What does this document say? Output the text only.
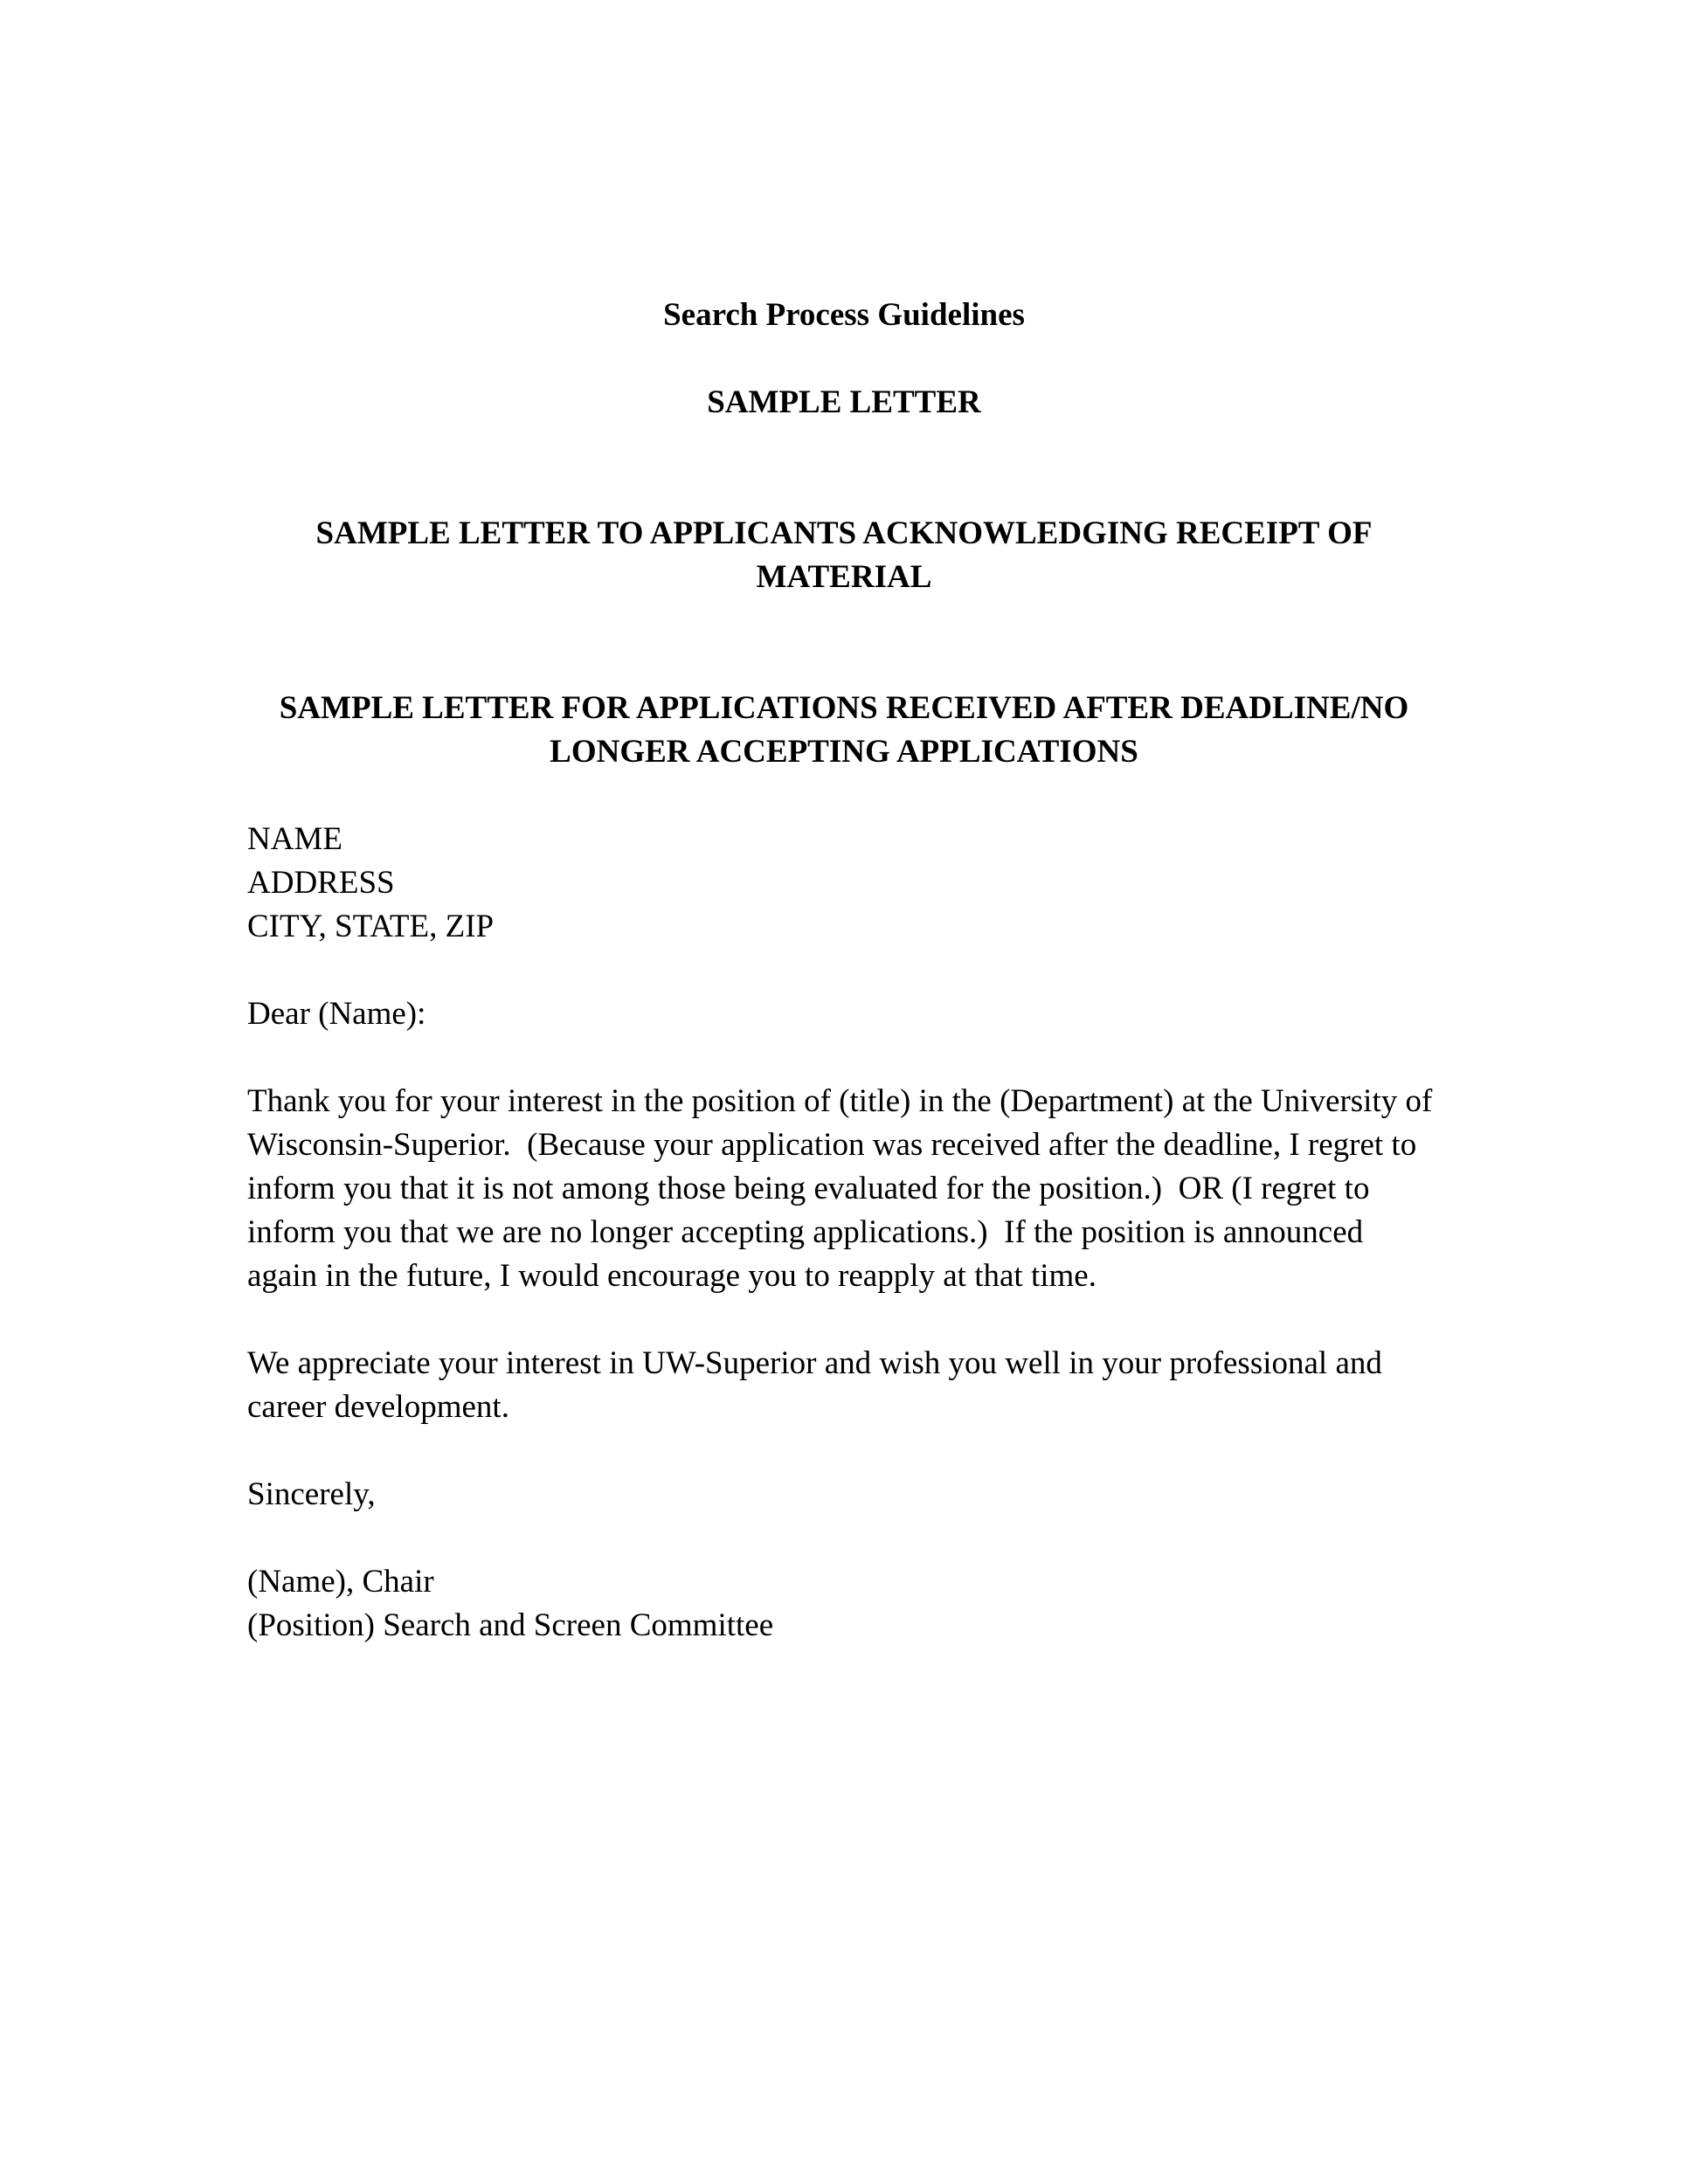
Search Process Guidelines

SAMPLE LETTER

SAMPLE LETTER TO APPLICANTS ACKNOWLEDGING RECEIPT OF MATERIAL

SAMPLE LETTER FOR APPLICATIONS RECEIVED AFTER DEADLINE/NO LONGER ACCEPTING APPLICATIONS

NAME
ADDRESS
CITY, STATE, ZIP

Dear (Name):

Thank you for your interest in the position of (title) in the (Department) at the University of Wisconsin-Superior.  (Because your application was received after the deadline, I regret to inform you that it is not among those being evaluated for the position.)  OR (I regret to inform you that we are no longer accepting applications.)  If the position is announced again in the future, I would encourage you to reapply at that time.

We appreciate your interest in UW-Superior and wish you well in your professional and career development.

Sincerely,

(Name), Chair
(Position) Search and Screen Committee
